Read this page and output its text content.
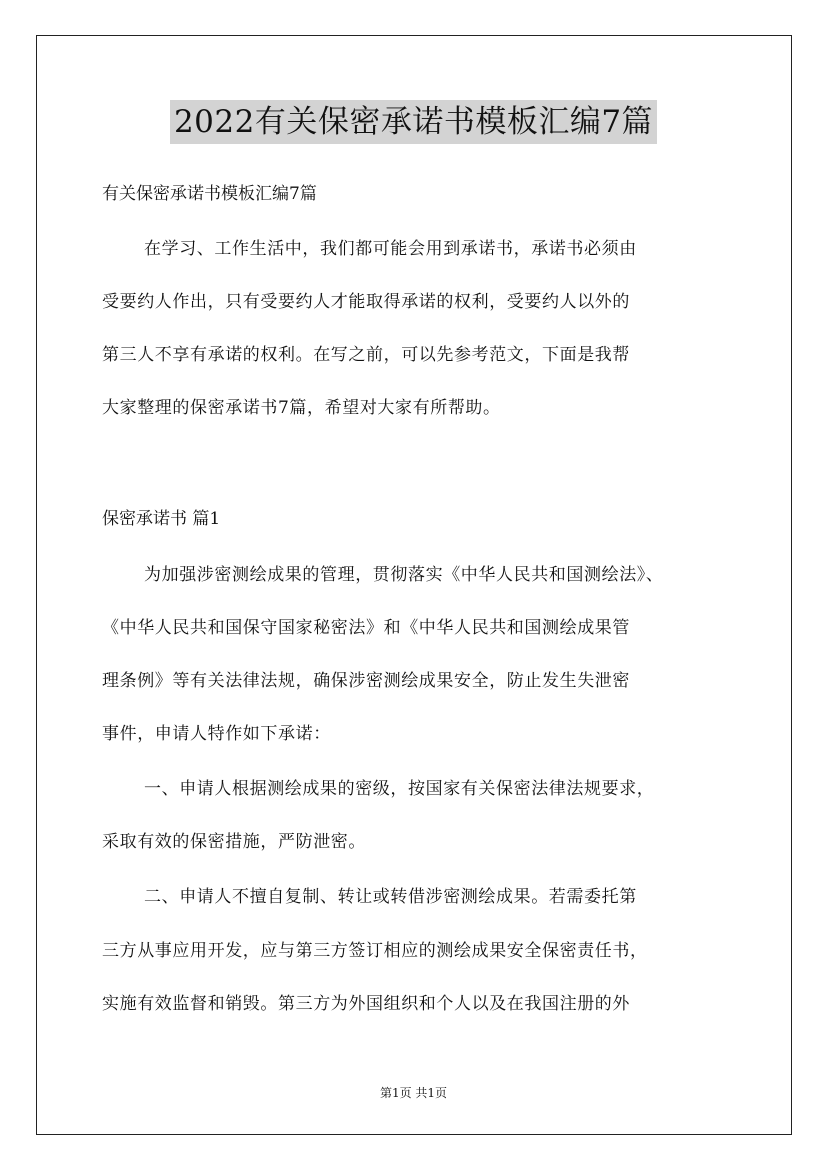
2022有关保密承诺书模板汇编7篇
有关保密承诺书模板汇编7篇
在学习、工作生活中，我们都可能会用到承诺书，承诺书必须由
受要约人作出，只有受要约人才能取得承诺的权利，受要约人以外的
第三人不享有承诺的权利。在写之前，可以先参考范文，下面是我帮
大家整理的保密承诺书7篇，希望对大家有所帮助。
保密承诺书 篇1
为加强涉密测绘成果的管理，贯彻落实《中华人民共和国测绘法》、
《中华人民共和国保守国家秘密法》和《中华人民共和国测绘成果管
理条例》等有关法律法规，确保涉密测绘成果安全，防止发生失泄密
事件，申请人特作如下承诺：
一、申请人根据测绘成果的密级，按国家有关保密法律法规要求，
采取有效的保密措施，严防泄密。
二、申请人不擅自复制、转让或转借涉密测绘成果。若需委托第
三方从事应用开发，应与第三方签订相应的测绘成果安全保密责任书，
实施有效监督和销毁。第三方为外国组织和个人以及在我国注册的外
第1页 共1页
